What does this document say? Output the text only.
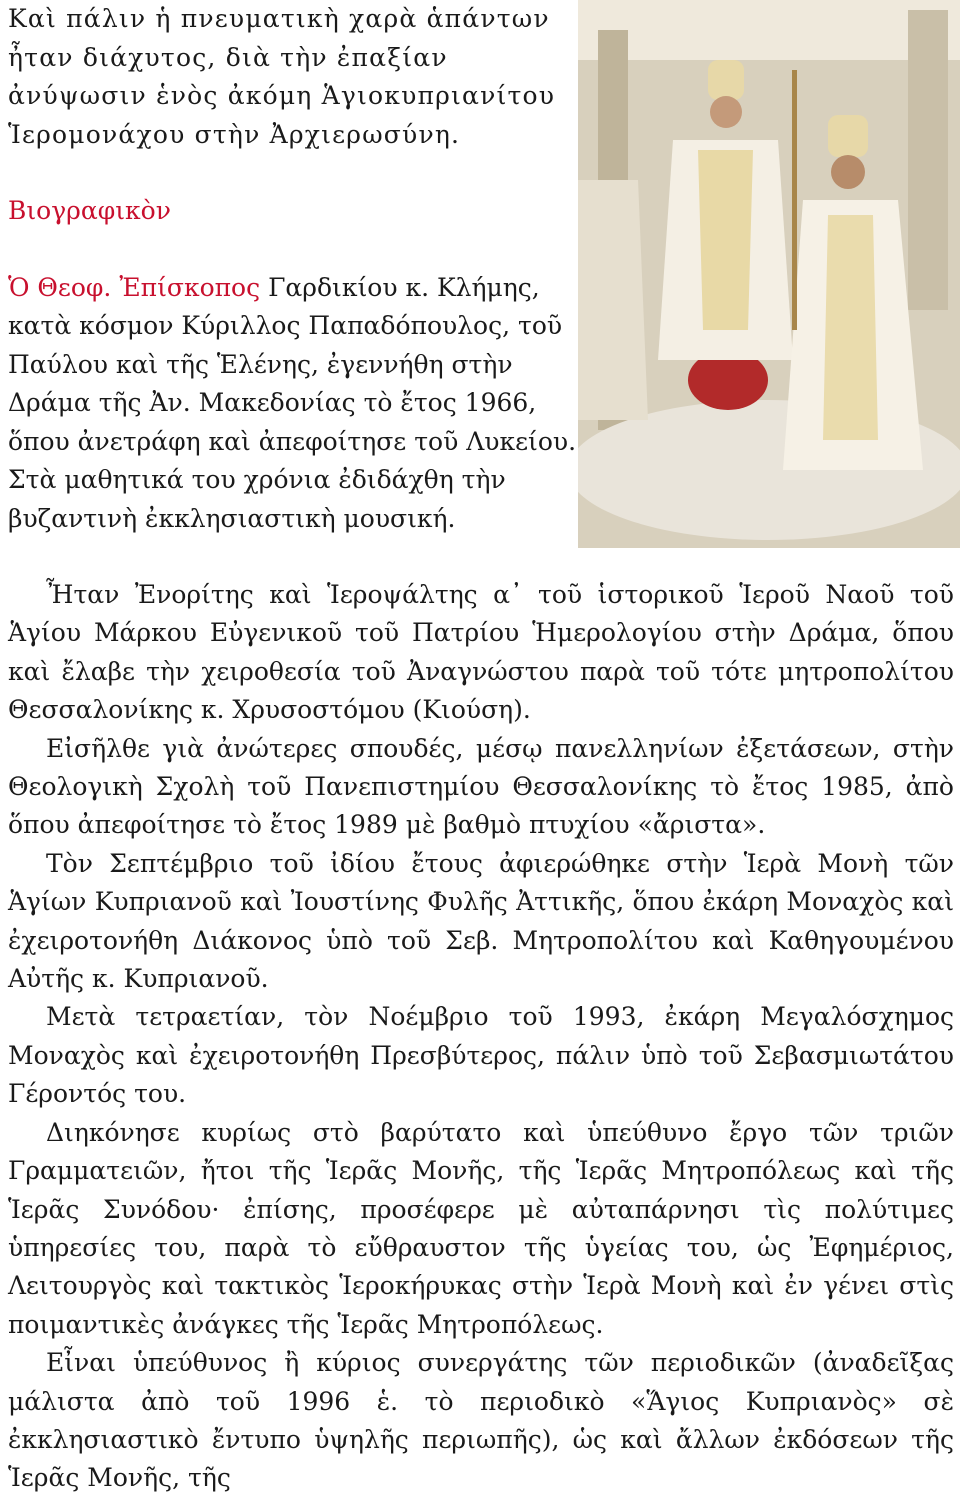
Καὶ πάλιν ἡ πνευματικὴ χαρὰ ἁπάντων ἦταν διάχυτος, διὰ τὴν ἐπαξίαν ἀνύψωσιν ἑνὸς ἀκόμη Ἁγιοκυπριανίτου Ἱερομονάχου στὴν Ἀρχιερωσύνη.

Βιογραφικὸν

Ὁ Θεοφ. Ἐπίσκοπος Γαρδικίου κ. Κλήμης, κατὰ κόσμον Κύριλλος Παπαδόπουλος, τοῦ Παύλου καὶ τῆς Ἑλένης, ἐγεννήθη στὴν Δράμα τῆς Ἀν. Μακεδονίας τὸ ἔτος 1966, ὅπου ἀνετράφη καὶ ἀπεφοίτησε τοῦ Λυκείου. Στὰ μαθητικά του χρόνια ἐδιδάχθη τὴν βυζαντινὴ ἐκκλησιαστικὴ μουσική.

Ἦταν Ἐνορίτης καὶ Ἱεροψάλτης α᾽ τοῦ ἱστορικοῦ Ἱεροῦ Ναοῦ τοῦ Ἁγίου Μάρκου Εὐγενικοῦ τοῦ Πατρίου Ἡμερολογίου στὴν Δράμα, ὅπου καὶ ἔλαβε τὴν χειροθεσία τοῦ Ἀναγνώστου παρὰ τοῦ τότε μητροπολίτου Θεσσαλονίκης κ. Χρυσοστόμου (Κιούση).

Εἰσῆλθε γιὰ ἀνώτερες σπουδές, μέσῳ πανελληνίων ἐξετάσεων, στὴν Θεολογικὴ Σχολὴ τοῦ Πανεπιστημίου Θεσσαλονίκης τὸ ἔτος 1985, ἀπὸ ὅπου ἀπεφοίτησε τὸ ἔτος 1989 μὲ βαθμὸ πτυχίου «ἄριστα».

Τὸν Σεπτέμβριο τοῦ ἰδίου ἔτους ἀφιερώθηκε στὴν Ἱερὰ Μονὴ τῶν Ἁγίων Κυπριανοῦ καὶ Ἰουστίνης Φυλῆς Ἀττικῆς, ὅπου ἐκάρη Μοναχὸς καὶ ἐχειροτονήθη Διάκονος ὑπὸ τοῦ Σεβ. Μητροπολίτου καὶ Καθηγουμένου Αὐτῆς κ. Κυπριανοῦ.

Μετὰ τετραετίαν, τὸν Νοέμβριο τοῦ 1993, ἐκάρη Μεγαλόσχημος Μοναχὸς καὶ ἐχειροτονήθη Πρεσβύτερος, πάλιν ὑπὸ τοῦ Σεβασμιωτάτου Γέροντός του.

Διηκόνησε κυρίως στὸ βαρύτατο καὶ ὑπεύθυνο ἔργο τῶν τριῶν Γραμματειῶν, ἤτοι τῆς Ἱερᾶς Μονῆς, τῆς Ἱερᾶς Μητροπόλεως καὶ τῆς Ἱερᾶς Συνόδου· ἐπίσης, προσέφερε μὲ αὐταπάρνησι τὶς πολύτιμες ὑπηρεσίες του, παρὰ τὸ εὔθραυστον τῆς ὑγείας του, ὡς Ἐφημέριος, Λειτουργὸς καὶ τακτικὸς Ἱεροκήρυκας στὴν Ἱερὰ Μονὴ καὶ ἐν γένει στὶς ποιμαντικὲς ἀνάγκες τῆς Ἱερᾶς Μητροπόλεως.

Εἶναι ὑπεύθυνος ἢ κύριος συνεργάτης τῶν περιοδικῶν (ἀναδεῖξας μάλιστα ἀπὸ τοῦ 1996 ἑ. τὸ περιοδικὸ «Ἅγιος Κυπριανὸς» σὲ ἐκκλησιαστικὸ ἔντυπο ὑψηλῆς περιωπῆς), ὡς καὶ ἄλλων ἐκδόσεων τῆς Ἱερᾶς Μονῆς, τῆς
